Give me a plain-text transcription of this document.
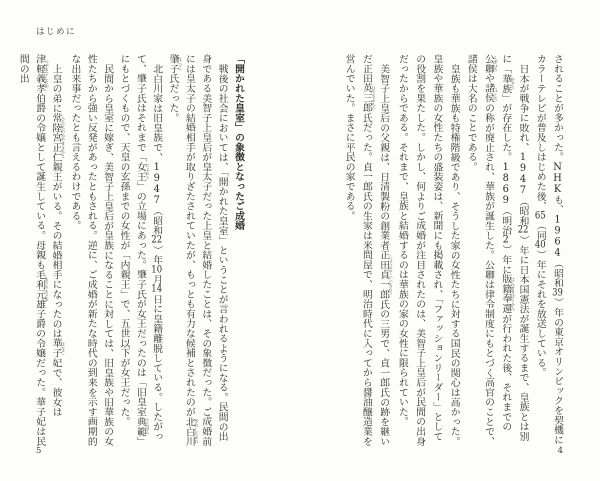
はじめに
「開かれた皇室」の象徴となったご成婚

戦後の社会においては、「開かれた皇室」ということが言われるようになる。民間の出身である美智子上皇后が皇太子だった上皇と結婚したことは、その象徴だった。ご成婚前には皇太子の結婚相手が取りざたされていたが、もっとも有力な候補とされたのが北白川 きたしらかわ肇子 はつこ氏だった。

北白川家は旧皇族で、1947（昭和22）年10月14日に皇籍離脱している。したがって、肇子氏はそれまで「女王 にょおう」の立場にあった。肇子氏が女王だったのは「旧皇室典範 てんぱん」にもとづくもので、天皇の玄孫までの女性が「内親王」で、五世以下が女王だった。

民間から皇室に嫁ぎ、美智子上皇后が皇族になることに対しては、旧皇族や旧華族の女性たちから強い反発があったともされる。逆に、ご成婚が新たな時代の到来を示す画期的な出来事だったとも言えるわけである。

上皇の弟に常陸宮正仁 ひたちのみやまさひと親王がいる。その結婚相手になったのは華子 はなこ妃で、彼女は津軽義孝 つがるよしたか伯爵の令嬢として誕生している。母親も毛利元雄 もうりもとお子爵の令嬢だった。華子妃は民間の出	されることが多かった。NHKも、1964（昭和39）年の東京オリンピックを契機にカラーテレビが普及しはじめた後、65（同40）年にそれを放送している。

日本が戦争に敗れ、1947（昭和22）年に日本国憲法が誕生するまで、皇族とは別に「華族 かぞく」が存在した。1869（明治2）年に版籍奉還 はんせきほうかんが行われた後、それまでの公卿 くぎょうや諸侯 しょこうの称が廃止され、華族が誕生した。公卿は律令制度にもとづく高官のことで、諸侯は大名のことである。

皇族も華族も特権階級であり、そうした家の女性たちに対する国民の関心は高かった。皇族や華族の女性たちの盛装姿は、新聞にも掲載され、「ファッションリーダー」としての役割を果たした。しかし、何よりご成婚が注目されたのは、美智子上皇后が民間の出身だったからである。それまで、皇族と結婚するのは華族の家の女性に限られていた。

美智子上皇后の父親は、日清製粉の創業者正田貞一郎 しょうだていいちろう氏の三男で、貞一郎氏の跡を継いだ正田英三郎 ひでさぶろう氏だった。貞一郎氏の生家は米問屋で、明治時代に入ってから醤油醸造業を営んでいた。まさに平民の家である。

5	4
